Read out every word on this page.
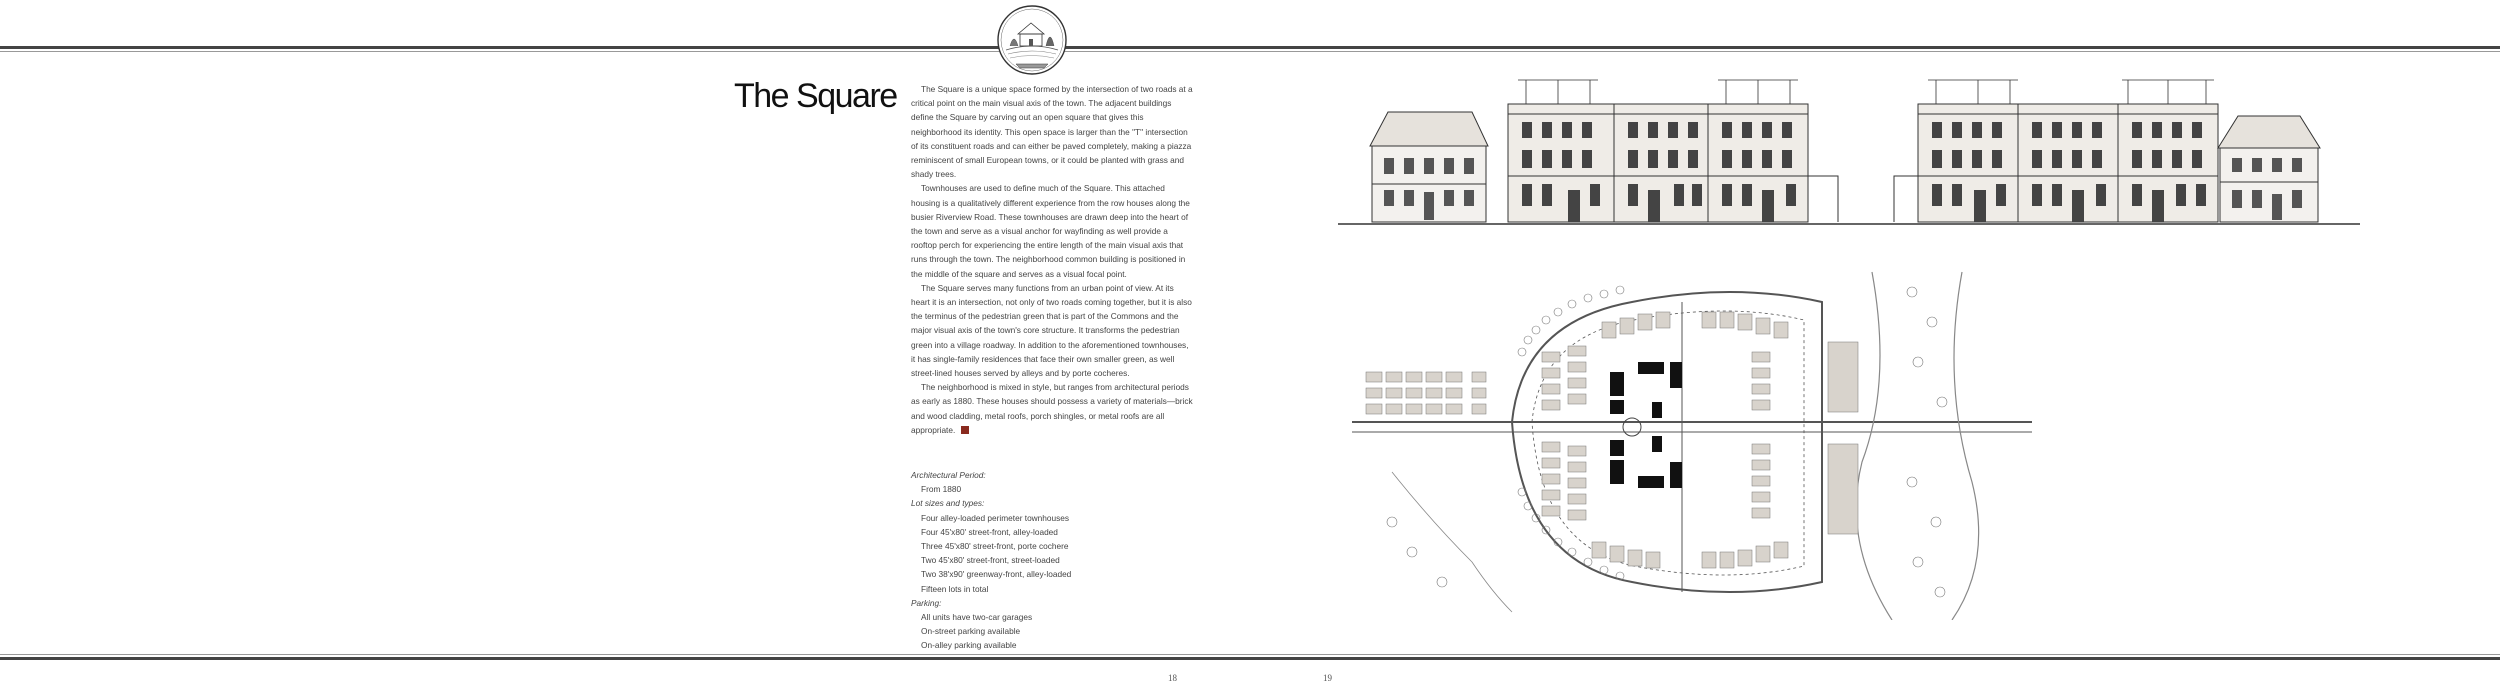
The Square	The Square is a unique space formed by the intersection of two roads at a critical point on the main visual axis of the town. The adjacent buildings define the Square by carving out an open square that gives this neighborhood its identity. This open space is larger than the "T" intersection of its constituent roads and can either be paved completely, making a piazza reminiscent of small European towns, or it could be planted with grass and shady trees.

Townhouses are used to define much of the Square. This attached housing is a qualitatively different experience from the row houses along the busier Riverview Road. These townhouses are drawn deep into the heart of the town and serve as a visual anchor for wayfinding as well provide a rooftop perch for experiencing the entire length of the main visual axis that runs through the town. The neighborhood common building is positioned in the middle of the square and serves as a visual focal point.

The Square serves many functions from an urban point of view. At its heart it is an intersection, not only of two roads coming together, but it is also the terminus of the pedestrian green that is part of the Commons and the major visual axis of the town's core structure. It transforms the pedestrian green into a village roadway. In addition to the aforementioned townhouses, it has single-family residences that face their own smaller green, as well street-lined houses served by alleys and by porte cocheres.

The neighborhood is mixed in style, but ranges from architectural periods as early as 1880. These houses should possess a variety of materials—brick and wood cladding, metal roofs, porch shingles, or metal roofs are all appropriate.

Architectural Period:
From 1880
Lot sizes and types:
Four alley-loaded perimeter townhouses
Four 45'x80' street-front, alley-loaded
Three 45'x80' street-front, porte cochere
Two 45'x80' street-front, street-loaded
Two 38'x90' greenway-front, alley-loaded
Fifteen lots in total
Parking:
All units have two-car garages
On-street parking available
On-alley parking available
18	19
